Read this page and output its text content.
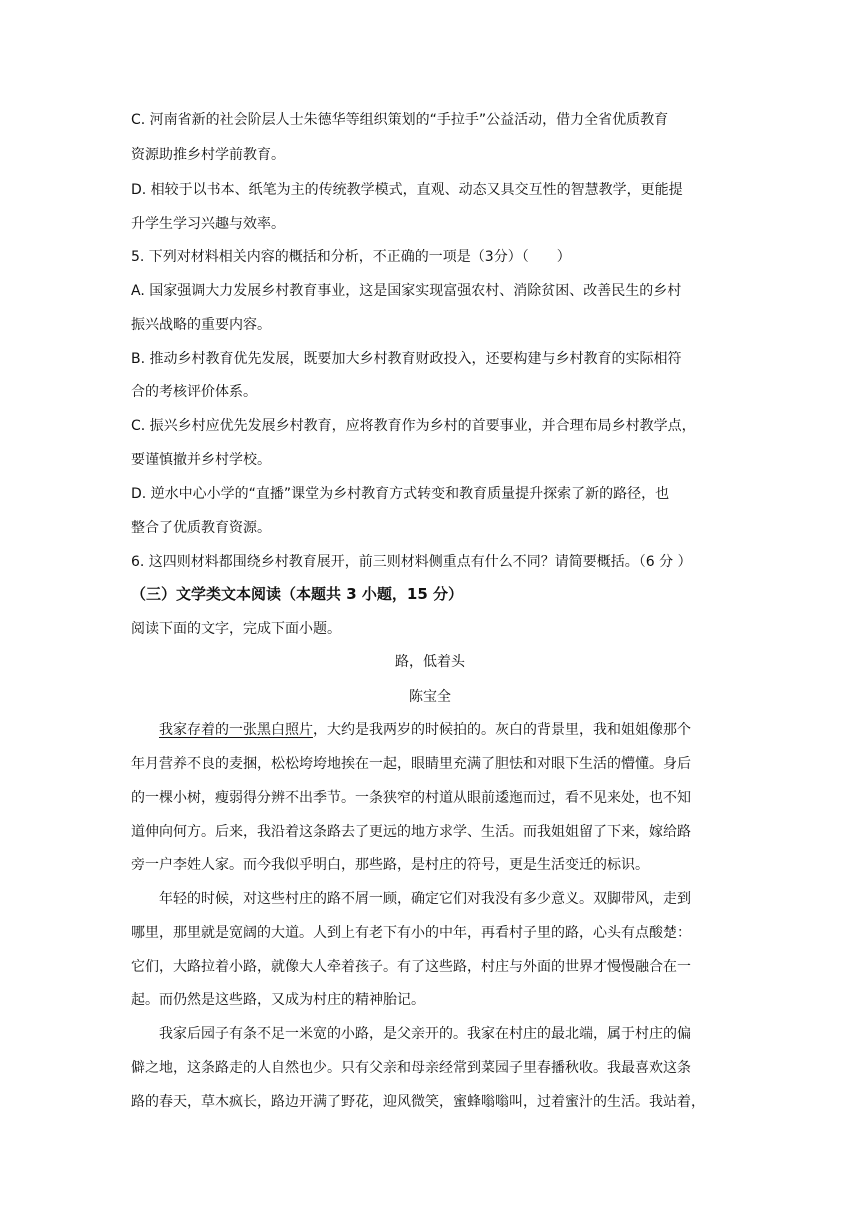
C. 河南省新的社会阶层人士朱德华等组织策划的“手拉手”公益活动，借力全省优质教育
资源助推乡村学前教育。
D. 相较于以书本、纸笔为主的传统教学模式，直观、动态又具交互性的智慧教学，更能提
升学生学习兴趣与效率。
5. 下列对材料相关内容的概括和分析，不正确的一项是（3分）（　　）
A. 国家强调大力发展乡村教育事业，这是国家实现富强农村、消除贫困、改善民生的乡村
振兴战略的重要内容。
B. 推动乡村教育优先发展，既要加大乡村教育财政投入，还要构建与乡村教育的实际相符
合的考核评价体系。
C. 振兴乡村应优先发展乡村教育，应将教育作为乡村的首要事业，并合理布局乡村教学点，
要谨慎撤并乡村学校。
D. 逆水中心小学的“直播”课堂为乡村教育方式转变和教育质量提升探索了新的路径，也
整合了优质教育资源。
6. 这四则材料都围绕乡村教育展开，前三则材料侧重点有什么不同？请简要概括。（6 分 ）
（三）文学类文本阅读（本题共 3 小题，15 分）
阅读下面的文字，完成下面小题。
路，低着头
陈宝全
　　我家存着的一张黑白照片，大约是我两岁的时候拍的。灰白的背景里，我和姐姐像那个
年月营养不良的麦捆，松松垮垮地挨在一起，眼睛里充满了胆怯和对眼下生活的懵懂。身后
的一棵小树，瘦弱得分辨不出季节。一条狭窄的村道从眼前逶迤而过，看不见来处，也不知
道伸向何方。后来，我沿着这条路去了更远的地方求学、生活。而我姐姐留了下来，嫁给路
旁一户李姓人家。而今我似乎明白，那些路，是村庄的符号，更是生活变迁的标识。
　　年轻的时候，对这些村庄的路不屑一顾，确定它们对我没有多少意义。双脚带风，走到
哪里，那里就是宽阔的大道。人到上有老下有小的中年，再看村子里的路，心头有点酸楚：
它们，大路拉着小路，就像大人牵着孩子。有了这些路，村庄与外面的世界才慢慢融合在一
起。而仍然是这些路，又成为村庄的精神胎记。
　　我家后园子有条不足一米宽的小路，是父亲开的。我家在村庄的最北端，属于村庄的偏
僻之地，这条路走的人自然也少。只有父亲和母亲经常到菜园子里春播秋收。我最喜欢这条
路的春天，草木疯长，路边开满了野花，迎风微笑，蜜蜂嗡嗡叫，过着蜜汁的生活。我站着，
